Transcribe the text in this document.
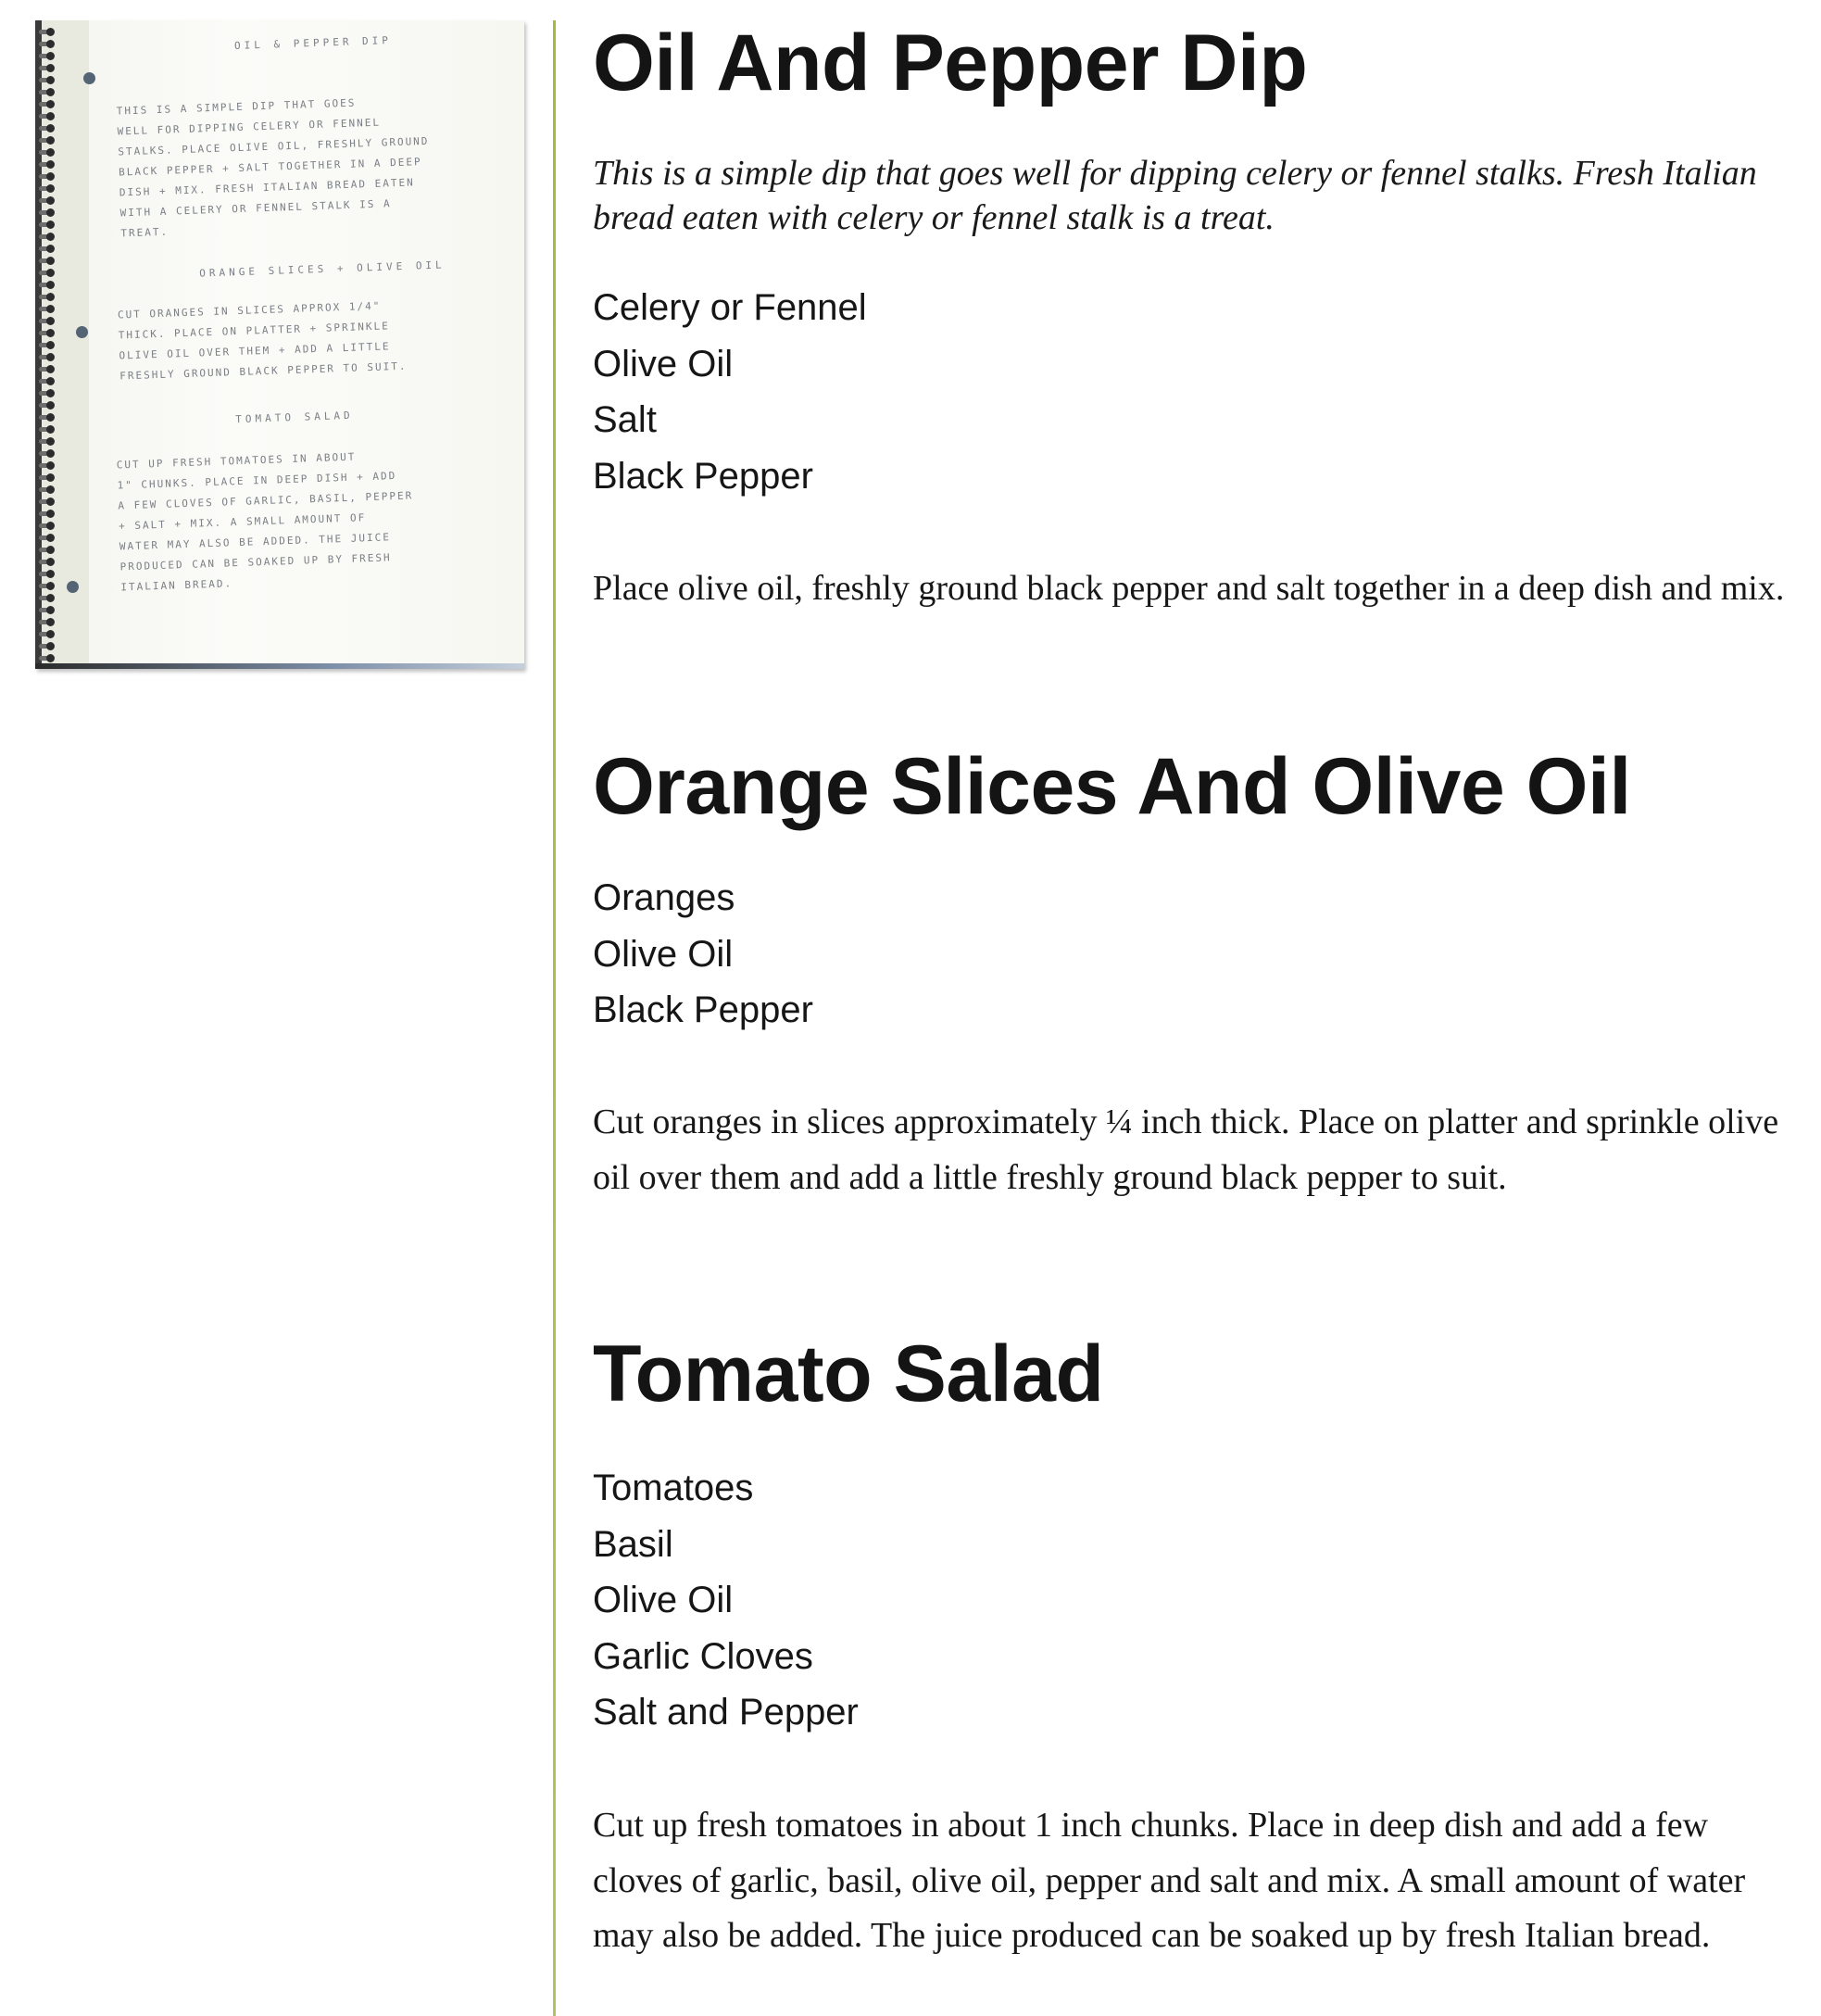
OIL & PEPPER DIP
THIS IS A SIMPLE DIP THAT GOES
WELL FOR DIPPING CELERY OR FENNEL
STALKS. PLACE OLIVE OIL, FRESHLY GROUND
BLACK PEPPER + SALT TOGETHER IN A DEEP
DISH + MIX. FRESH ITALIAN BREAD EATEN
WITH A CELERY OR FENNEL STALK IS A
TREAT.
ORANGE SLICES + OLIVE OIL
CUT ORANGES IN SLICES APPROX 1/4"
THICK. PLACE ON PLATTER + SPRINKLE
OLIVE OIL OVER THEM + ADD A LITTLE
FRESHLY GROUND BLACK PEPPER TO SUIT.
TOMATO SALAD
CUT UP FRESH TOMATOES IN ABOUT
1" CHUNKS. PLACE IN DEEP DISH + ADD
A FEW CLOVES OF GARLIC, BASIL, PEPPER
+ SALT + MIX. A SMALL AMOUNT OF
WATER MAY ALSO BE ADDED. THE JUICE
PRODUCED CAN BE SOAKED UP BY FRESH
ITALIAN BREAD.
Oil And Pepper Dip

This is a simple dip that goes well for dipping celery or fennel stalks. Fresh Italian bread eaten with celery or fennel stalk is a treat.

Celery or Fennel
Olive Oil
Salt
Black Pepper

Place olive oil, freshly ground black pepper and salt together in a deep dish and mix.

Orange Slices And Olive Oil
Oranges
Olive Oil
Black Pepper

Cut oranges in slices approximately ¼ inch thick. Place on platter and sprinkle olive oil over them and add a little freshly ground black pepper to suit.

Tomato Salad
Tomatoes
Basil
Olive Oil
Garlic Cloves
Salt and Pepper

Cut up fresh tomatoes in about 1 inch chunks. Place in deep dish and add a few cloves of garlic, basil, olive oil, pepper and salt and mix. A small amount of water may also be added. The juice produced can be soaked up by fresh Italian bread.
